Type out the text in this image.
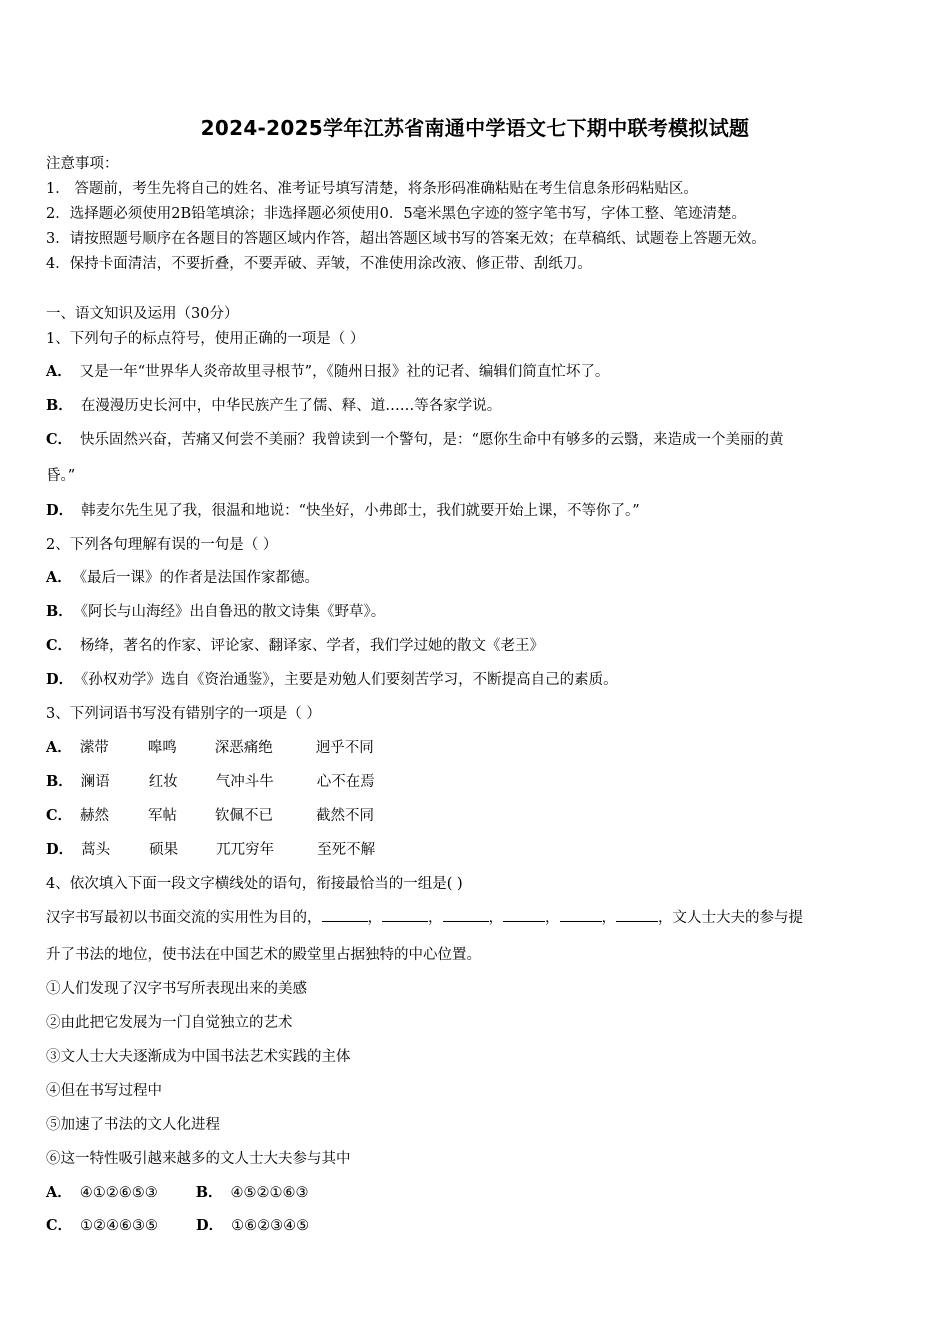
2024-2025学年江苏省南通中学语文七下期中联考模拟试题
注意事项：
1． 答题前，考生先将自己的姓名、准考证号填写清楚，将条形码准确粘贴在考生信息条形码粘贴区。
2．选择题必须使用2B铅笔填涂；非选择题必须使用0．5毫米黑色字迹的签字笔书写，字体工整、笔迹清楚。
3．请按照题号顺序在各题目的答题区域内作答，超出答题区域书写的答案无效；在草稿纸、试题卷上答题无效。
4．保持卡面清洁，不要折叠，不要弄破、弄皱，不准使用涂改液、修正带、刮纸刀。
一、语文知识及运用（30分）
1、下列句子的标点符号，使用正确的一项是（ ）
A． 又是一年“世界华人炎帝故里寻根节”，《随州日报》社的记者、编辑们简直忙坏了。
B． 在漫漫历史长河中，中华民族产生了儒、释、道……等各家学说。
C． 快乐固然兴奋，苦痛又何尝不美丽？我曾读到一个警句，是：“愿你生命中有够多的云翳，来造成一个美丽的黄
昏。”
D． 韩麦尔先生见了我，很温和地说：“快坐好，小弗郎士，我们就要开始上课，不等你了。”
2、下列各句理解有误的一句是（ ）
A． 《最后一课》的作者是法国作家都德。
B． 《阿长与山海经》出自鲁迅的散文诗集《野草》。
C． 杨绛，著名的作家、评论家、翻译家、学者，我们学过她的散文《老王》
D． 《孙权劝学》选自《资治通鉴》，主要是劝勉人们要刻苦学习，不断提高自己的素质。
3、下列词语书写没有错别字的一项是（ ）
A． 潆带	嗥鸣	深恶痛绝	迥乎不同
B． 澜语	红妆	气冲斗牛	心不在焉
C． 赫然	军帖	钦佩不已	截然不同
D． 蒿头	硕果	兀兀穷年	至死不解
4、依次填入下面一段文字横线处的语句，衔接最恰当的一组是( )
汉字书写最初以书面交流的实用性为目的，	，	，	，	，	，	，文人士大夫的参与提
升了书法的地位，使书法在中国艺术的殿堂里占据独特的中心位置。
①人们发现了汉字书写所表现出来的美感
②由此把它发展为一门自觉独立的艺术
③文人士大夫逐渐成为中国书法艺术实践的主体
④但在书写过程中
⑤加速了书法的文人化进程
⑥这一特性吸引越来越多的文人士大夫参与其中
A． ④①②⑥⑤③	B． ④⑤②①⑥③
C． ①②④⑥③⑤	D． ①⑥②③④⑤
